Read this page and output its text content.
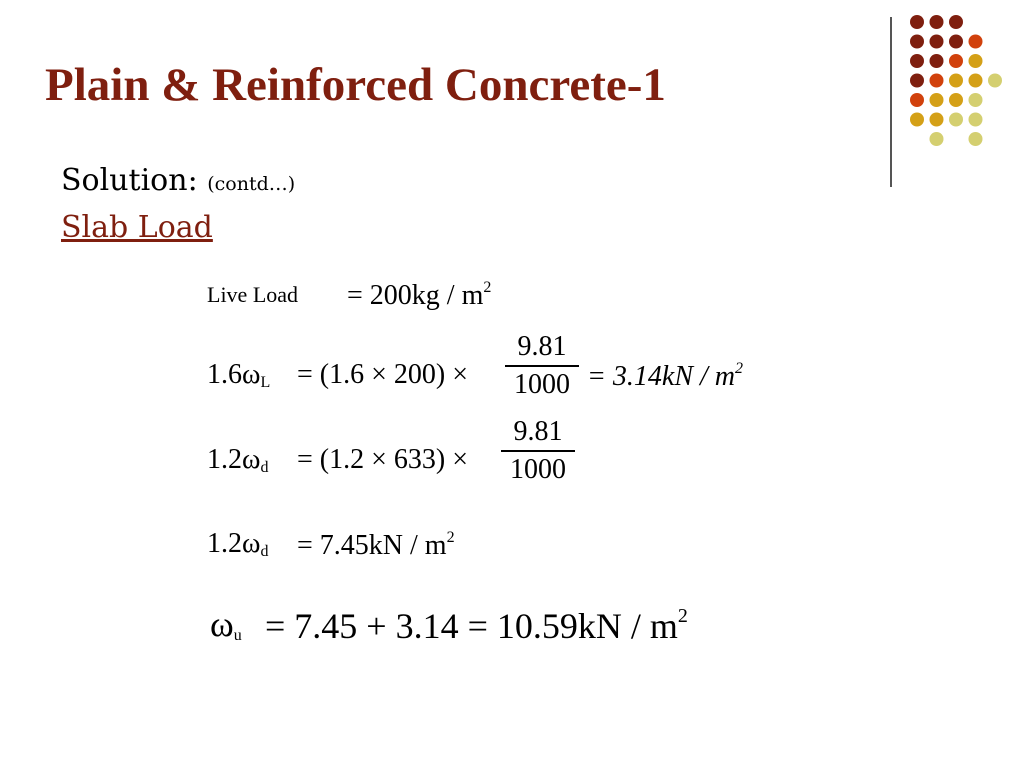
Plain & Reinforced Concrete-1
Solution: (contd…)
Slab Load
Live Load = $200kg / m^2$
$1.6\omega_L = (1.6 \times 200)$ ×
9.81
$1000 = 3.14kN / m^2$
$1.2\omega_d = (1.2 \times 633)$ ×
9.81
1000
$1.2\omega_d = 7.45kN / m^2$
$\omega_u = 7.45 + 3.14 = 10.59kN / m^2$
